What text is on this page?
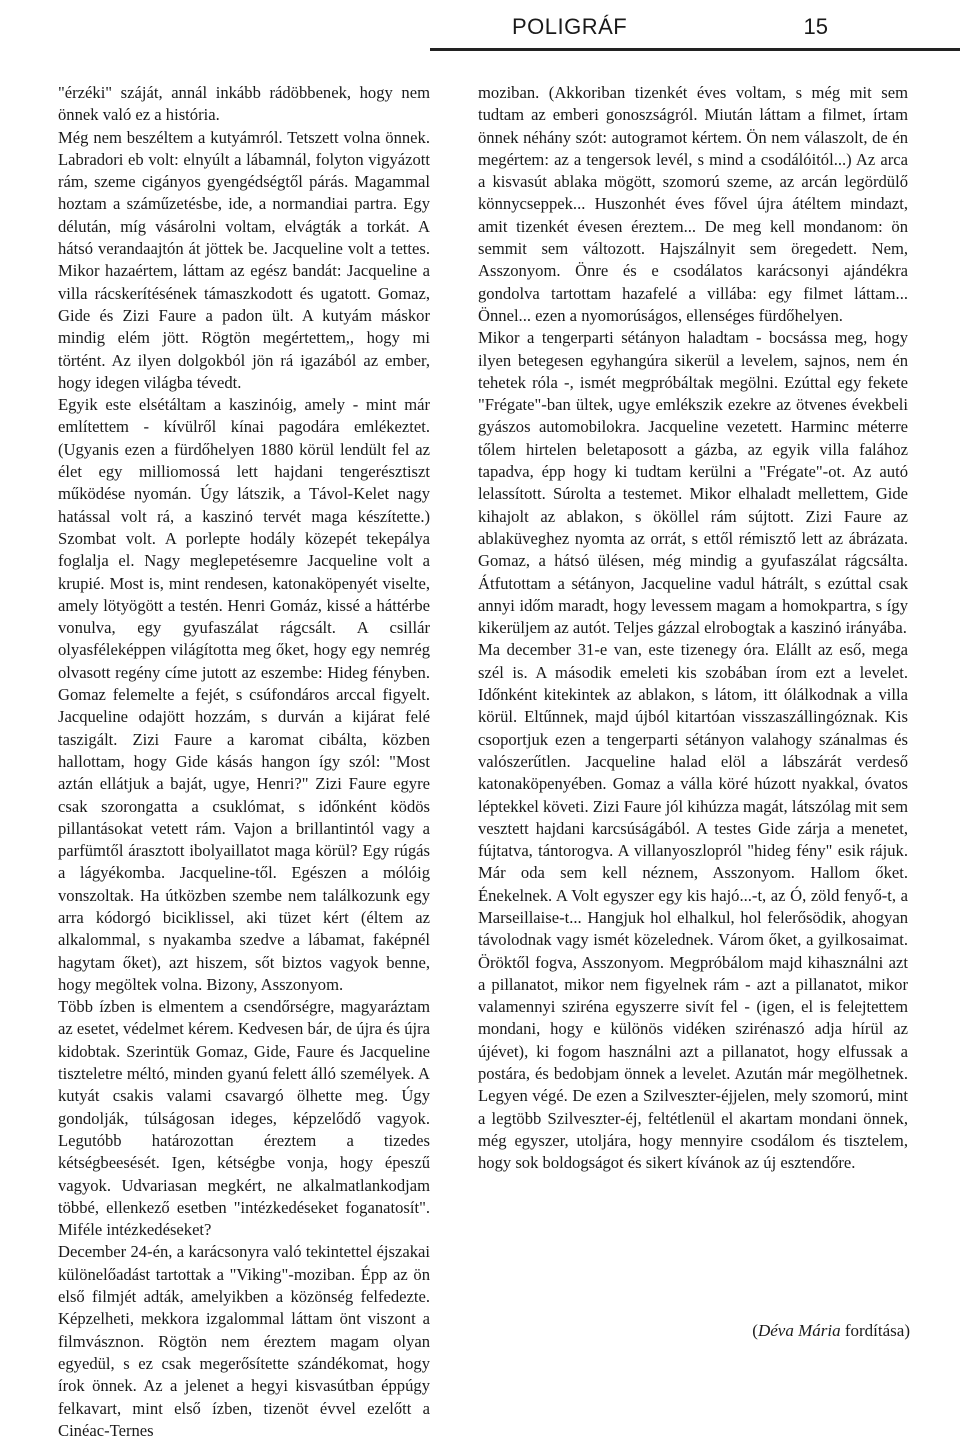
POLIGRÁF	15

"érzéki" száját, annál inkább rádöbbenek, hogy nem önnek való ez a história.

Még nem beszéltem a kutyámról. Tetszett volna önnek. Labradori eb volt: elnyúlt a lábamnál, folyton vigyázott rám, szeme cigányos gyengédségtől párás. Magammal hoztam a száműzetésbe, ide, a normandiai partra. Egy délután, míg vásárolni voltam, elvágták a torkát. A hátsó verandaajtón át jöttek be. Jacqueline volt a tettes. Mikor hazaértem, láttam az egész bandát: Jacqueline a villa rácskerítésének támaszkodott és ugatott. Gomaz, Gide és Zizi Faure a padon ült. A kutyám máskor mindig elém jött. Rögtön megértettem,, hogy mi történt. Az ilyen dolgokból jön rá igazából az ember, hogy idegen világba tévedt.

Egyik este elsétáltam a kaszinóig, amely - mint már említettem - kívülről kínai pagodára emlékeztet. (Ugyanis ezen a fürdőhelyen 1880 körül lendült fel az élet egy milliomossá lett hajdani tengerésztiszt működése nyomán. Úgy látszik, a Távol-Kelet nagy hatással volt rá, a kaszinó tervét maga készítette.) Szombat volt. A porlepte hodály közepét tekepálya foglalja el. Nagy meglepetésemre Jacqueline volt a krupié. Most is, mint rendesen, katonaköpenyét viselte, amely lötyögött a testén. Henri Gomáz, kissé a háttérbe vonulva, egy gyufaszálat rágcsált. A csillár olyasféleképpen világította meg őket, hogy egy nemrég olvasott regény címe jutott az eszembe: Hideg fényben. Gomaz felemelte a fejét, s csúfondáros arccal figyelt. Jacqueline odajött hozzám, s durván a kijárat felé taszigált. Zizi Faure a karomat cibálta, közben hallottam, hogy Gide kásás hangon így szól: "Most aztán ellátjuk a baját, ugye, Henri?" Zizi Faure egyre csak szorongatta a csuklómat, s időnként ködös pillantásokat vetett rám. Vajon a brillantintól vagy a parfümtől árasztott ibolyaillatot maga körül? Egy rúgás a lágyékomba. Jacqueline-től. Egészen a mólóig vonszoltak. Ha útközben szembe nem találkozunk egy arra kódorgó biciklissel, aki tüzet kért (éltem az alkalommal, s nyakamba szedve a lábamat, faképnél hagytam őket), azt hiszem, sőt biztos vagyok benne, hogy megöltek volna. Bizony, Asszonyom.

Több ízben is elmentem a csendőrségre, magyaráztam az esetet, védelmet kérem. Kedvesen bár, de újra és újra kidobtak. Szerintük Gomaz, Gide, Faure és Jacqueline tiszteletre méltó, minden gyanú felett álló személyek. A kutyát csakis valami csavargó ölhette meg. Úgy gondolják, túlságosan ideges, képzelődő vagyok. Legutóbb határozottan éreztem a tizedes kétségbeesését. Igen, kétségbe vonja, hogy épeszű vagyok. Udvariasan megkért, ne alkalmatlankodjam többé, ellenkező esetben "intézkedéseket foganatosít". Miféle intézkedéseket?

December 24-én, a karácsonyra való tekintettel éjszakai különelőadást tartottak a "Viking"-moziban. Épp az ön első filmjét adták, amelyikben a közönség felfedezte. Képzelheti, mekkora izgalommal láttam önt viszont a filmvásznon. Rögtön nem éreztem magam olyan egyedül, s ez csak megerősítette szándékomat, hogy írok önnek. Az a jelenet a hegyi kisvasútban éppúgy felkavart, mint első ízben, tizenöt évvel ezelőtt a Cinéac-Ternes

moziban. (Akkoriban tizenkét éves voltam, s még mit sem tudtam az emberi gonoszságról. Miután láttam a filmet, írtam önnek néhány szót: autogramot kértem. Ön nem válaszolt, de én megértem: az a tengersok levél, s mind a csodálóitól...) Az arca a kisvasút ablaka mögött, szomorú szeme, az arcán legördülő könnycseppek... Huszonhét éves fővel újra átéltem mindazt, amit tizenkét évesen éreztem... De meg kell mondanom: ön semmit sem változott. Hajszálnyit sem öregedett. Nem, Asszonyom. Önre és e csodálatos karácsonyi ajándékra gondolva tartottam hazafelé a villába: egy filmet láttam... Önnel... ezen a nyomorúságos, ellenséges fürdőhelyen.

Mikor a tengerparti sétányon haladtam - bocsássa meg, hogy ilyen betegesen egyhangúra sikerül a levelem, sajnos, nem én tehetek róla -, ismét megpróbáltak megölni. Ezúttal egy fekete "Frégate"-ban ültek, ugye emlékszik ezekre az ötvenes évekbeli gyászos automobilokra. Jacqueline vezetett. Harminc méterre tőlem hirtelen beletaposott a gázba, az egyik villa falához tapadva, épp hogy ki tudtam kerülni a "Frégate"-ot. Az autó lelassított. Súrolta a testemet. Mikor elhaladt mellettem, Gide kihajolt az ablakon, s ököllel rám sújtott. Zizi Faure az ablaküveghez nyomta az orrát, s ettől rémisztő lett az ábrázata. Gomaz, a hátsó ülésen, még mindig a gyufaszálat rágcsálta. Átfutottam a sétányon, Jacqueline vadul hátrált, s ezúttal csak annyi időm maradt, hogy levessem magam a homokpartra, s így kikerüljem az autót. Teljes gázzal elrobogtak a kaszinó irányába.

Ma december 31-e van, este tizenegy óra. Elállt az eső, mega szél is. A második emeleti kis szobában írom ezt a levelet. Időnként kitekintek az ablakon, s látom, itt ólálkodnak a villa körül. Eltűnnek, majd újból kitartóan visszaszállingóznak. Kis csoportjuk ezen a tengerparti sétányon valahogy szánalmas és valószerűtlen. Jacqueline halad elöl a lábszárát verdeső katonaköpenyében. Gomaz a válla köré húzott nyakkal, óvatos léptekkel követi. Zizi Faure jól kihúzza magát, látszólag mit sem vesztett hajdani karcsúságából. A testes Gide zárja a menetet, fújtatva, tántorogva. A villanyoszlopról "hideg fény" esik rájuk. Már oda sem kell néznem, Asszonyom. Hallom őket. Énekelnek. A Volt egyszer egy kis hajó...-t, az Ó, zöld fenyő-t, a Marseillaise-t... Hangjuk hol elhalkul, hol felerősödik, ahogyan távolodnak vagy ismét közelednek. Várom őket, a gyilkosaimat. Öröktől fogva, Asszonyom. Megpróbálom majd kihasználni azt a pillanatot, mikor nem figyelnek rám - azt a pillanatot, mikor valamennyi sziréna egyszerre sivít fel - (igen, el is felejtettem mondani, hogy e különös vidéken szirénaszó adja hírül az újévet), ki fogom használni azt a pillanatot, hogy elfussak a postára, és bedobjam önnek a levelet. Azután már megölhetnek. Legyen végé. De ezen a Szilveszter-éjjelen, mely szomorú, mint a legtöbb Szilveszter-éj, feltétlenül el akartam mondani önnek, még egyszer, utoljára, hogy mennyire csodálom és tisztelem, hogy sok boldogságot és sikert kívánok az új esztendőre.

(Déva Mária fordítása)
